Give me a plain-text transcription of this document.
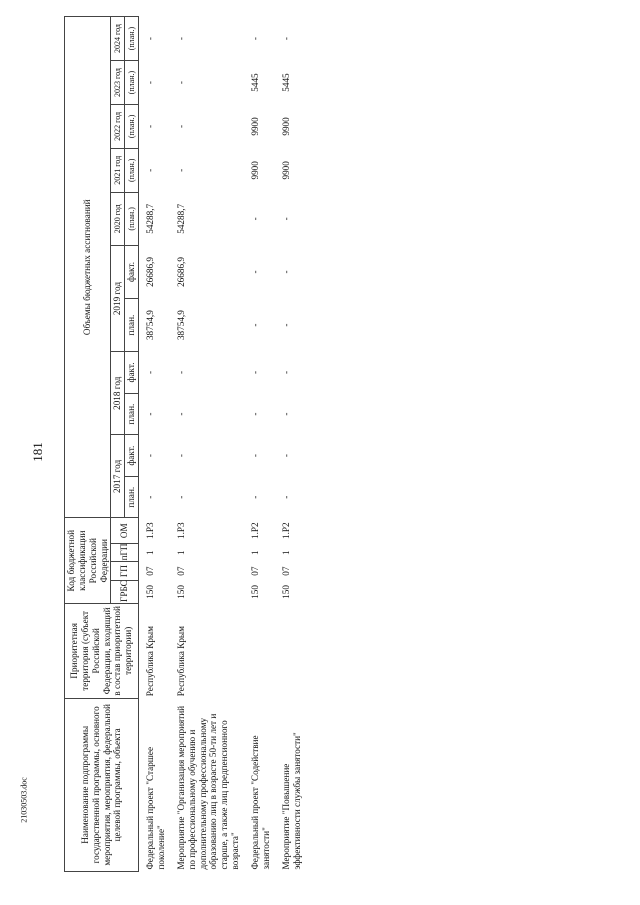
181
21030503.doc	Наименование подпрограммы государственной программы, основного мероприятия, мероприятия, федеральной целевой программы, объекта	Приоритетная территория (субъект Российской Федерации, входящий в состав приоритетной территории)	Код бюджетной классификации Российской Федерации				Объемы бюджетных ассигнований										
		ГРБС	ГП	пГП	ОМ	2017 год		2018 год		2019 год		2020 год	2021 год	2022 год	2023 год	2024 год
						план.	факт.	план.	факт.	план.	факт.	(план.)	(план.)	(план.)	(план.)	(план.)
Федеральный проект "Старшее поколение"	Республика Крым	150	07	1	1.Р3	-	-	-	-	38754,9	26686,9	54288,7	-	-	-	-
Мероприятие "Организация мероприятий по профессиональному обучению и дополнительному профессиональному образованию лиц в возрасте 50-ти лет и старше, а также лиц предпенсионного возраста"	Республика Крым	150	07	1	1.Р3	-	-	-	-	38754,9	26686,9	54288,7	-	-	-	-
Федеральный проект "Содействие занятости"		150	07	1	1.Р2	-	-	-	-	-	-	-	9900	9900	5445	-
Мероприятие "Повышение эффективности службы занятости"		150	07	1	1.Р2	-	-	-	-	-	-	-	9900	9900	5445	-
